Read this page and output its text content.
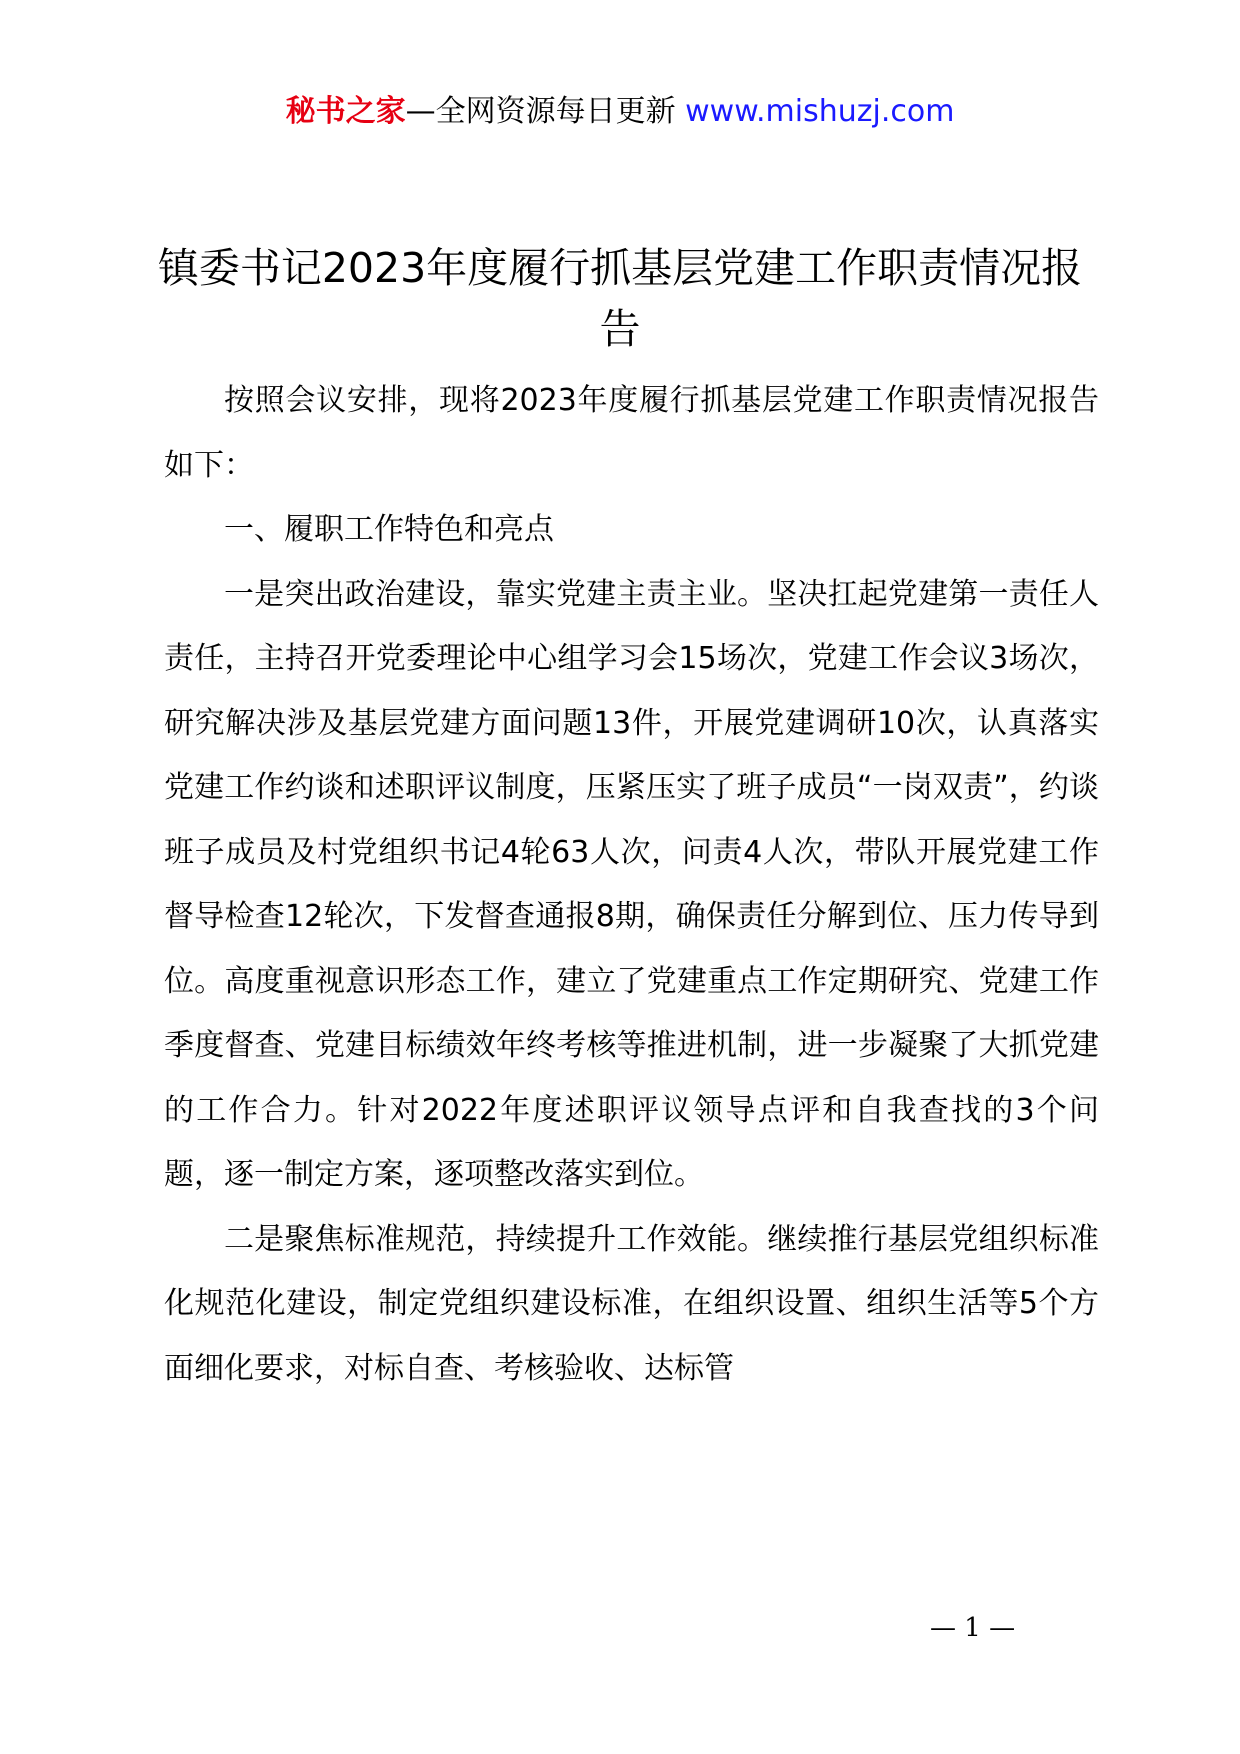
秘书之家—全网资源每日更新 www.mishuzj.com
镇委书记2023年度履行抓基层党建工作职责情况报告

按照会议安排，现将2023年度履行抓基层党建工作职责情况报告如下：

一、履职工作特色和亮点

一是突出政治建设，靠实党建主责主业。坚决扛起党建第一责任人责任，主持召开党委理论中心组学习会15场次，党建工作会议3场次，研究解决涉及基层党建方面问题13件，开展党建调研10次，认真落实党建工作约谈和述职评议制度，压紧压实了班子成员“一岗双责”，约谈班子成员及村党组织书记4轮63人次，问责4人次，带队开展党建工作督导检查12轮次，下发督查通报8期，确保责任分解到位、压力传导到位。高度重视意识形态工作，建立了党建重点工作定期研究、党建工作季度督查、党建目标绩效年终考核等推进机制，进一步凝聚了大抓党建的工作合力。针对2022年度述职评议领导点评和自我查找的3个问题，逐一制定方案，逐项整改落实到位。

二是聚焦标准规范，持续提升工作效能。继续推行基层党组织标准化规范化建设，制定党组织建设标准，在组织设置、组织生活等5个方面细化要求，对标自查、考核验收、达标管

— 1 —
